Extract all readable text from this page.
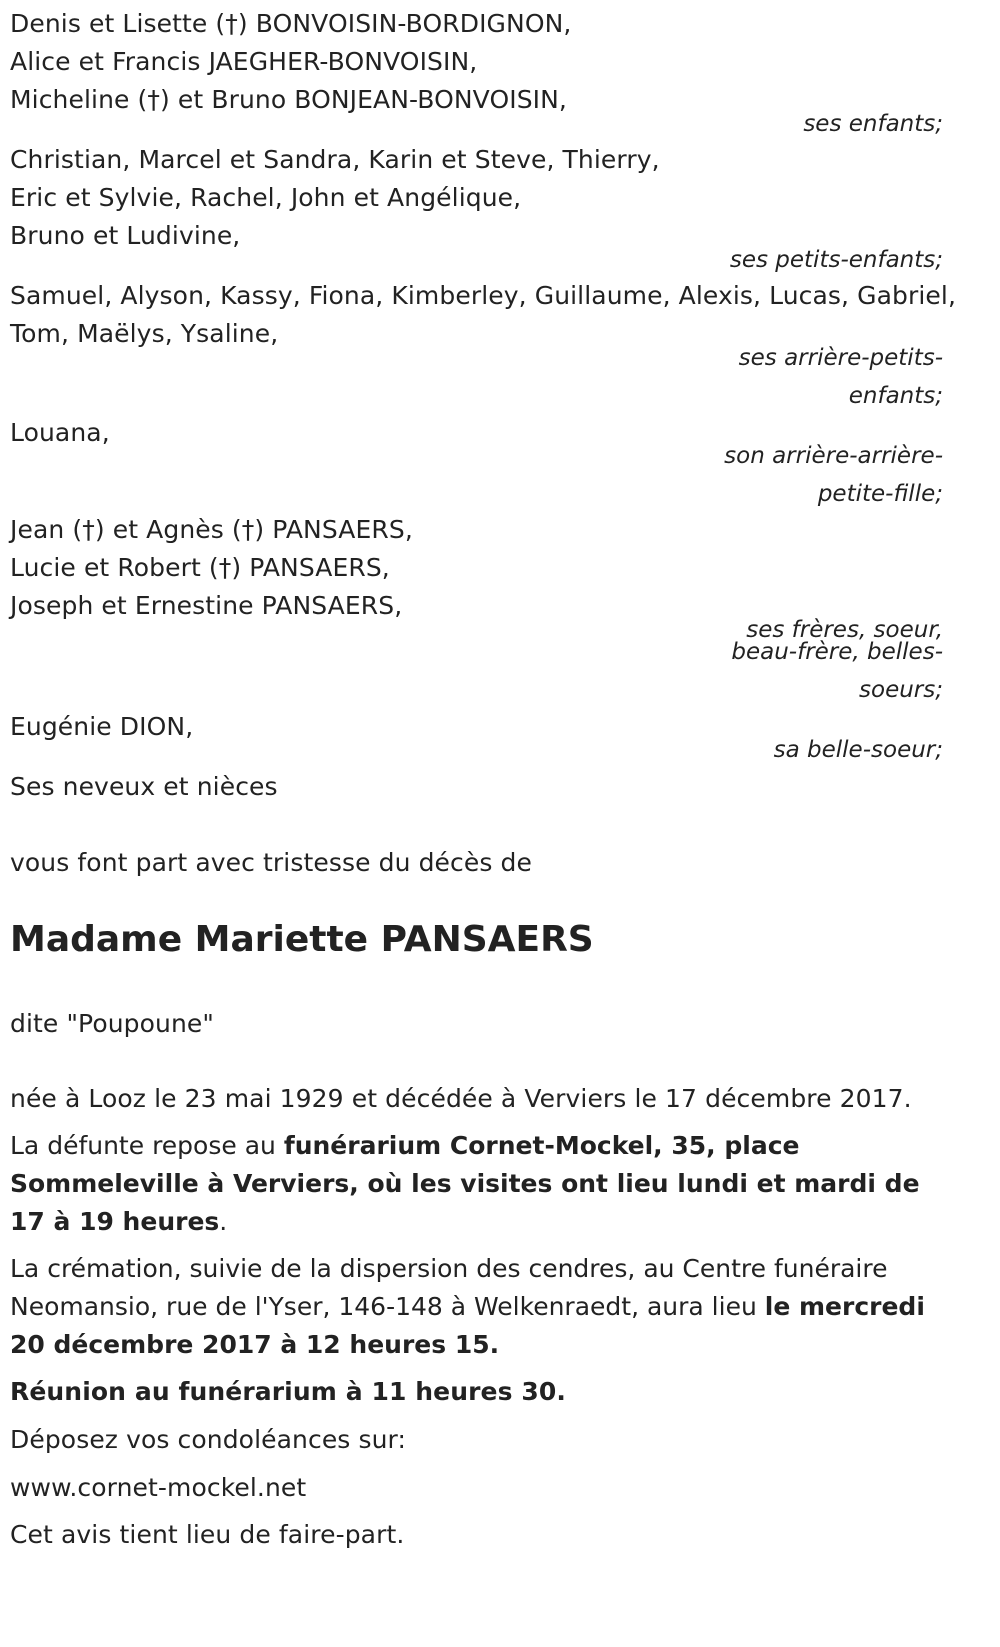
Denis et Lisette (†) BONVOISIN-BORDIGNON,
Alice et Francis JAEGHER-BONVOISIN,
Micheline (†) et Bruno BONJEAN-BONVOISIN,
ses enfants;
Christian, Marcel et Sandra, Karin et Steve, Thierry,
Eric et Sylvie, Rachel, John et Angélique,
Bruno et Ludivine,
ses petits-enfants;
Samuel, Alyson, Kassy, Fiona, Kimberley, Guillaume, Alexis, Lucas, Gabriel,
Tom, Maëlys, Ysaline,
ses arrière-petits-
enfants;
Louana,
son arrière-arrière-
petite-fille;
Jean (†) et Agnès (†) PANSAERS,
Lucie et Robert (†) PANSAERS,
Joseph et Ernestine PANSAERS,
ses frères, soeur,
beau-frère, belles-
soeurs;
Eugénie DION,
sa belle-soeur;
Ses neveux et nièces
vous font part avec tristesse du décès de
Madame Mariette PANSAERS
dite "Poupoune"
née à Looz le 23 mai 1929 et décédée à Verviers le 17 décembre 2017.
La défunte repose au funérarium Cornet-Mockel, 35, place Sommeleville à Verviers, où les visites ont lieu lundi et mardi de 17 à 19 heures.
La crémation, suivie de la dispersion des cendres, au Centre funéraire Neomansio, rue de l'Yser, 146-148 à Welkenraedt, aura lieu le mercredi 20 décembre 2017 à 12 heures 15.
Réunion au funérarium à 11 heures 30.
Déposez vos condoléances sur:
www.cornet-mockel.net
Cet avis tient lieu de faire-part.
